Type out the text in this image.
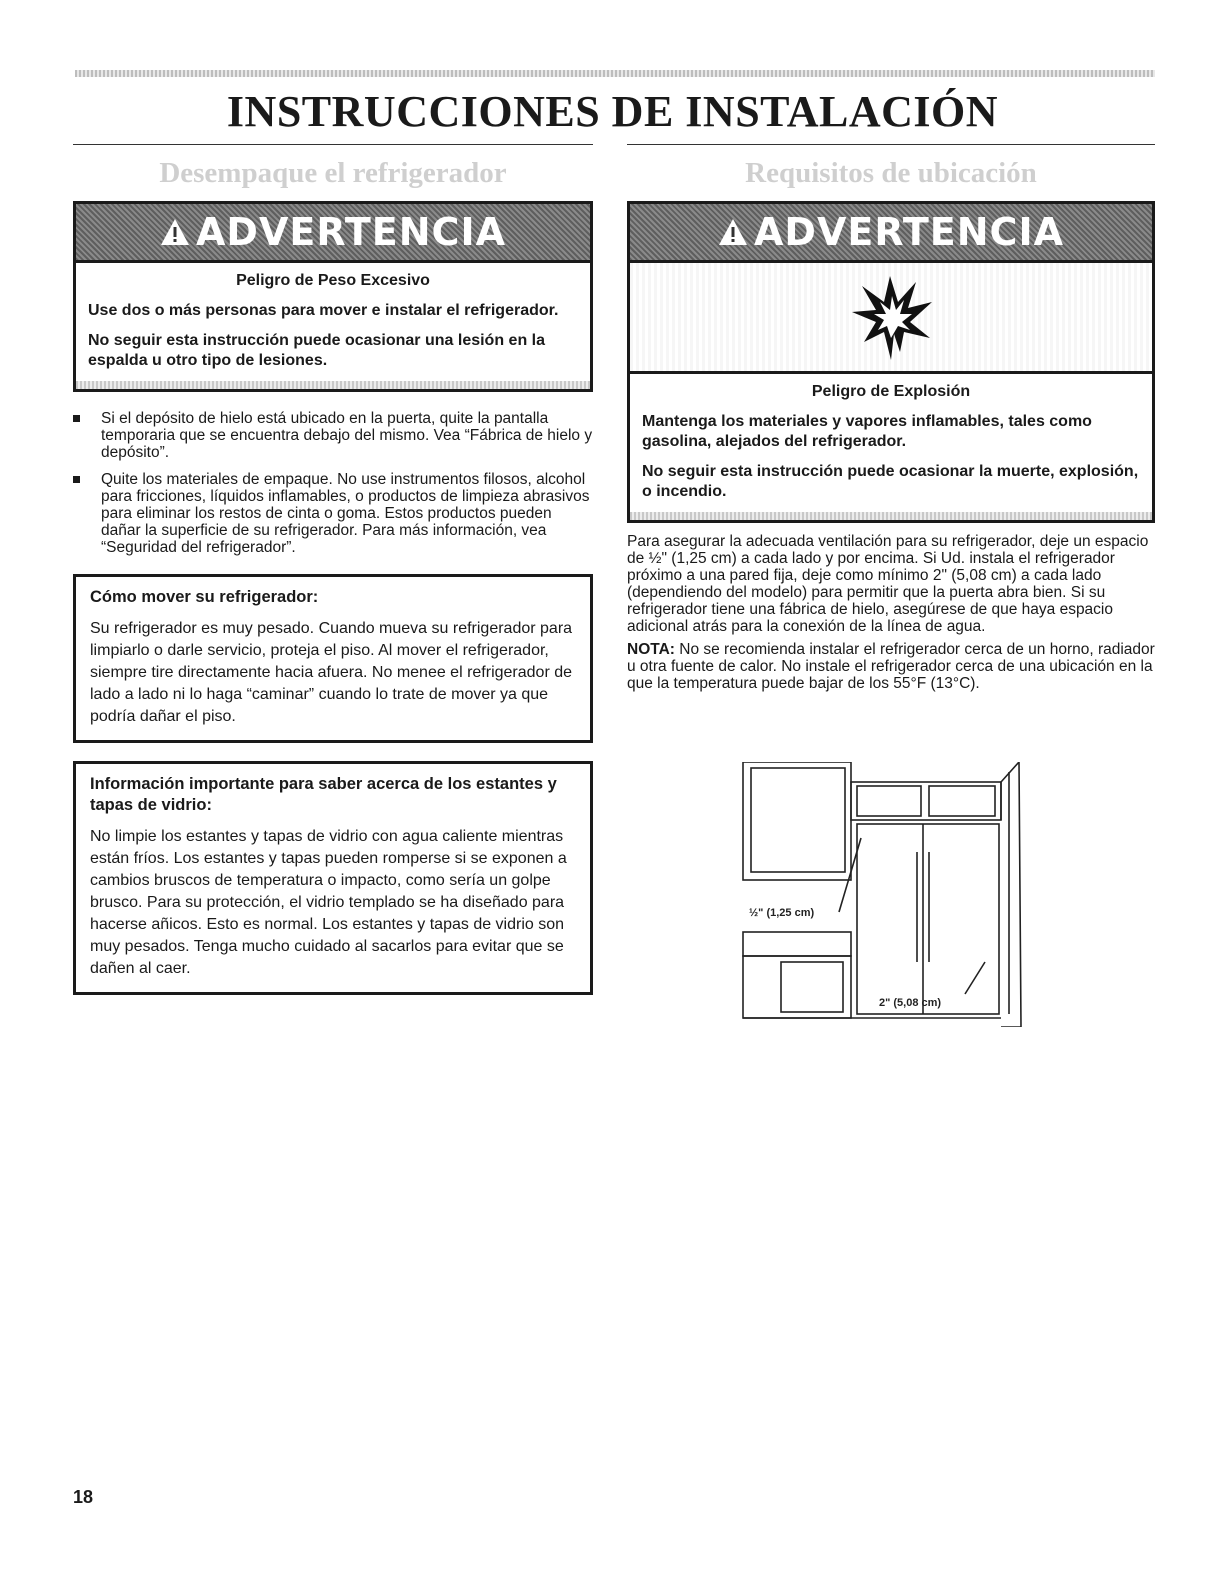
INSTRUCCIONES DE INSTALACIÓN
Desempaque el refrigerador
ADVERTENCIA
Peligro de Peso Excesivo

Use dos o más personas para mover e instalar el refrigerador.

No seguir esta instrucción puede ocasionar una lesión en la espalda u otro tipo de lesiones.

Si el depósito de hielo está ubicado en la puerta, quite la pantalla temporaria que se encuentra debajo del mismo. Vea “Fábrica de hielo y depósito”.
Quite los materiales de empaque. No use instrumentos filosos, alcohol para fricciones, líquidos inflamables, o productos de limpieza abrasivos para eliminar los restos de cinta o goma. Estos productos pueden dañar la superficie de su refrigerador. Para más información, vea “Seguridad del refrigerador”.
Cómo mover su refrigerador:

Su refrigerador es muy pesado. Cuando mueva su refrigerador para limpiarlo o darle servicio, proteja el piso. Al mover el refrigerador, siempre tire directamente hacia afuera. No menee el refrigerador de lado a lado ni lo haga “caminar” cuando lo trate de mover ya que podría dañar el piso.

Información importante para saber acerca de los estantes y tapas de vidrio:

No limpie los estantes y tapas de vidrio con agua caliente mientras están fríos. Los estantes y tapas pueden romperse si se exponen a cambios bruscos de temperatura o impacto, como sería un golpe brusco. Para su protección, el vidrio templado se ha diseñado para hacerse añicos. Esto es normal. Los estantes y tapas de vidrio son muy pesados. Tenga mucho cuidado al sacarlos para evitar que se dañen al caer.

Requisitos de ubicación
ADVERTENCIA
Peligro de Explosión

Mantenga los materiales y vapores inflamables, tales como gasolina, alejados del refrigerador.

No seguir esta instrucción puede ocasionar la muerte, explosión, o incendio.

Para asegurar la adecuada ventilación para su refrigerador, deje un espacio de ½" (1,25 cm) a cada lado y por encima. Si Ud. instala el refrigerador próximo a una pared fija, deje como mínimo 2" (5,08 cm) a cada lado (dependiendo del modelo) para permitir que la puerta abra bien. Si su refrigerador tiene una fábrica de hielo, asegúrese de que haya espacio adicional atrás para la conexión de la línea de agua.

NOTA: No se recomienda instalar el refrigerador cerca de un horno, radiador u otra fuente de calor. No instale el refrigerador cerca de una ubicación en la que la temperatura puede bajar de los 55°F (13°C).

½" (1,25 cm)
2" (5,08 cm)
18
